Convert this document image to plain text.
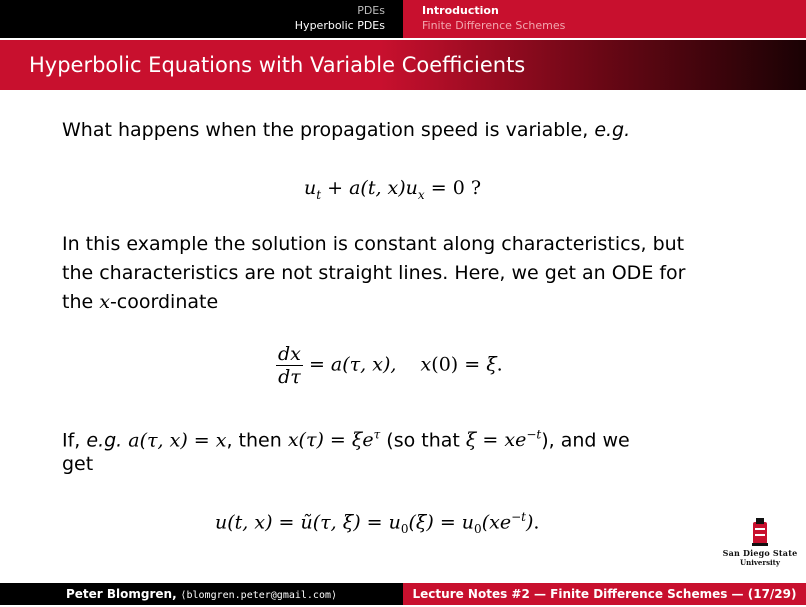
PDEs
Hyperbolic PDEs
Introduction
Finite Difference Schemes
Hyperbolic Equations with Variable Coefficients

What happens when the propagation speed is variable, e.g.

$u_t + a(t$, $x)u_x = 0$ ?

In this example the solution is constant along characteristics, but

the characteristics are not straight lines. Here, we get an ODE for

the x-coordinate

$\frac{dx}{d\tau} = a(\tau$, x),    x(0) = ξ.

If, e.g. a(τ, x) = x, then $x(\tau) = \xi e^\tau$ (so that $\xi = xe^{-t}$), and we

get

u(t, x) = ũ(τ, $\xi) = u_0(\xi) = u_0(xe^{-t})$.
San Diego State
University
Peter Blomgren, ⟨blomgren.peter@gmail.com⟩	Lecture Notes #2 — Finite Difference Schemes — (17/29)
